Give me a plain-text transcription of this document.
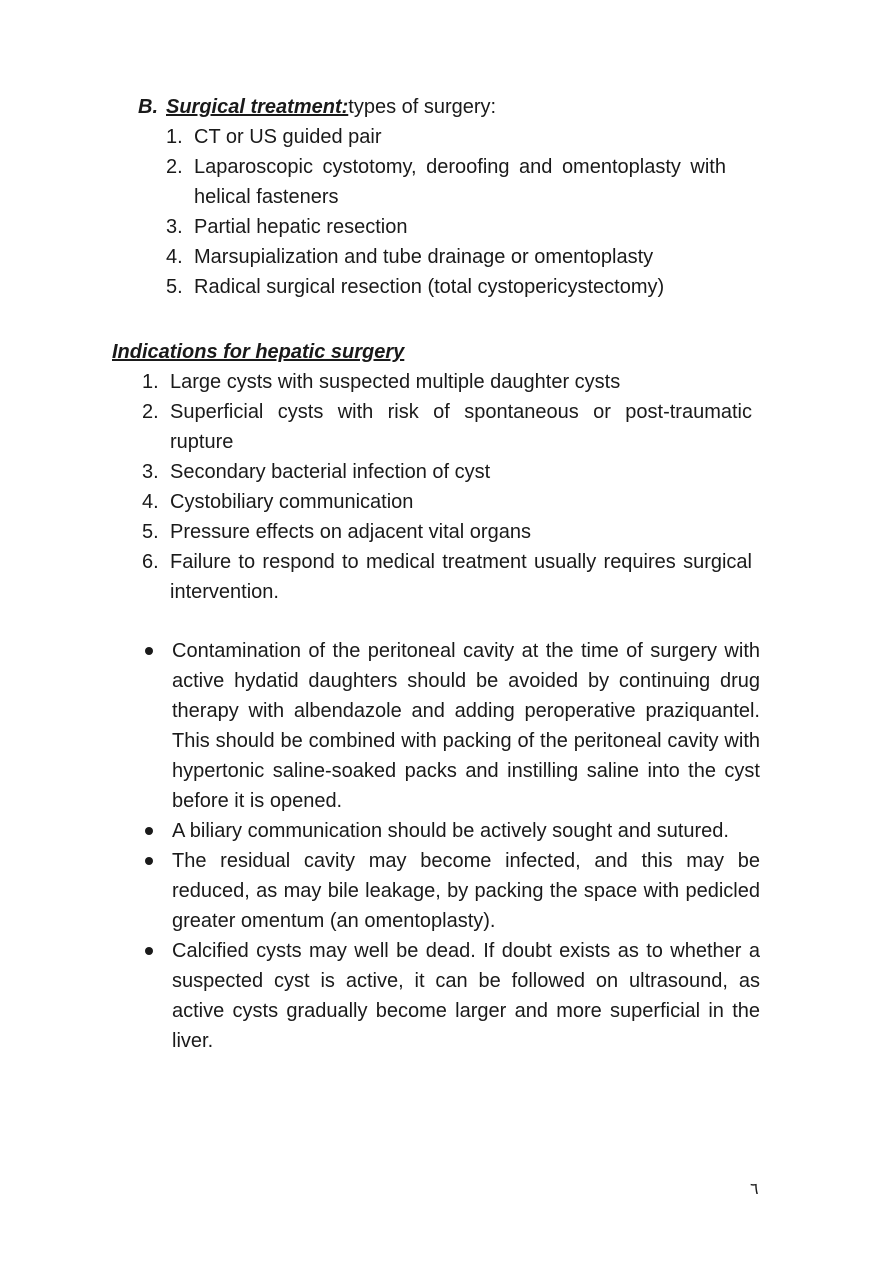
B. Surgical treatment:types of surgery:

1. CT or US guided pair
2. Laparoscopic cystotomy, deroofing and omentoplasty with helical fasteners
3. Partial hepatic resection
4. Marsupialization and tube drainage or omentoplasty
5. Radical surgical resection (total cystopericystectomy)

Indications for hepatic surgery

1. Large cysts with suspected multiple daughter cysts
2. Superficial cysts with risk of spontaneous or post-traumatic rupture
3. Secondary bacterial infection of cyst
4. Cystobiliary communication
5. Pressure effects on adjacent vital organs
6. Failure to respond to medical treatment usually requires surgical intervention.
Contamination of the peritoneal cavity at the time of surgery with active hydatid daughters should be avoided by continuing drug therapy with albendazole and adding peroperative praziquantel. This should be combined with packing of the peritoneal cavity with hypertonic saline-soaked packs and instilling saline into the cyst before it is opened.
A biliary communication should be actively sought and sutured.
The residual cavity may become infected, and this may be reduced, as may bile leakage, by packing the space with pedicled greater omentum (an omentoplasty).
Calcified cysts may well be dead. If doubt exists as to whether a suspected cyst is active, it can be followed on ultrasound, as active cysts gradually become larger and more superficial in the liver.
٦
